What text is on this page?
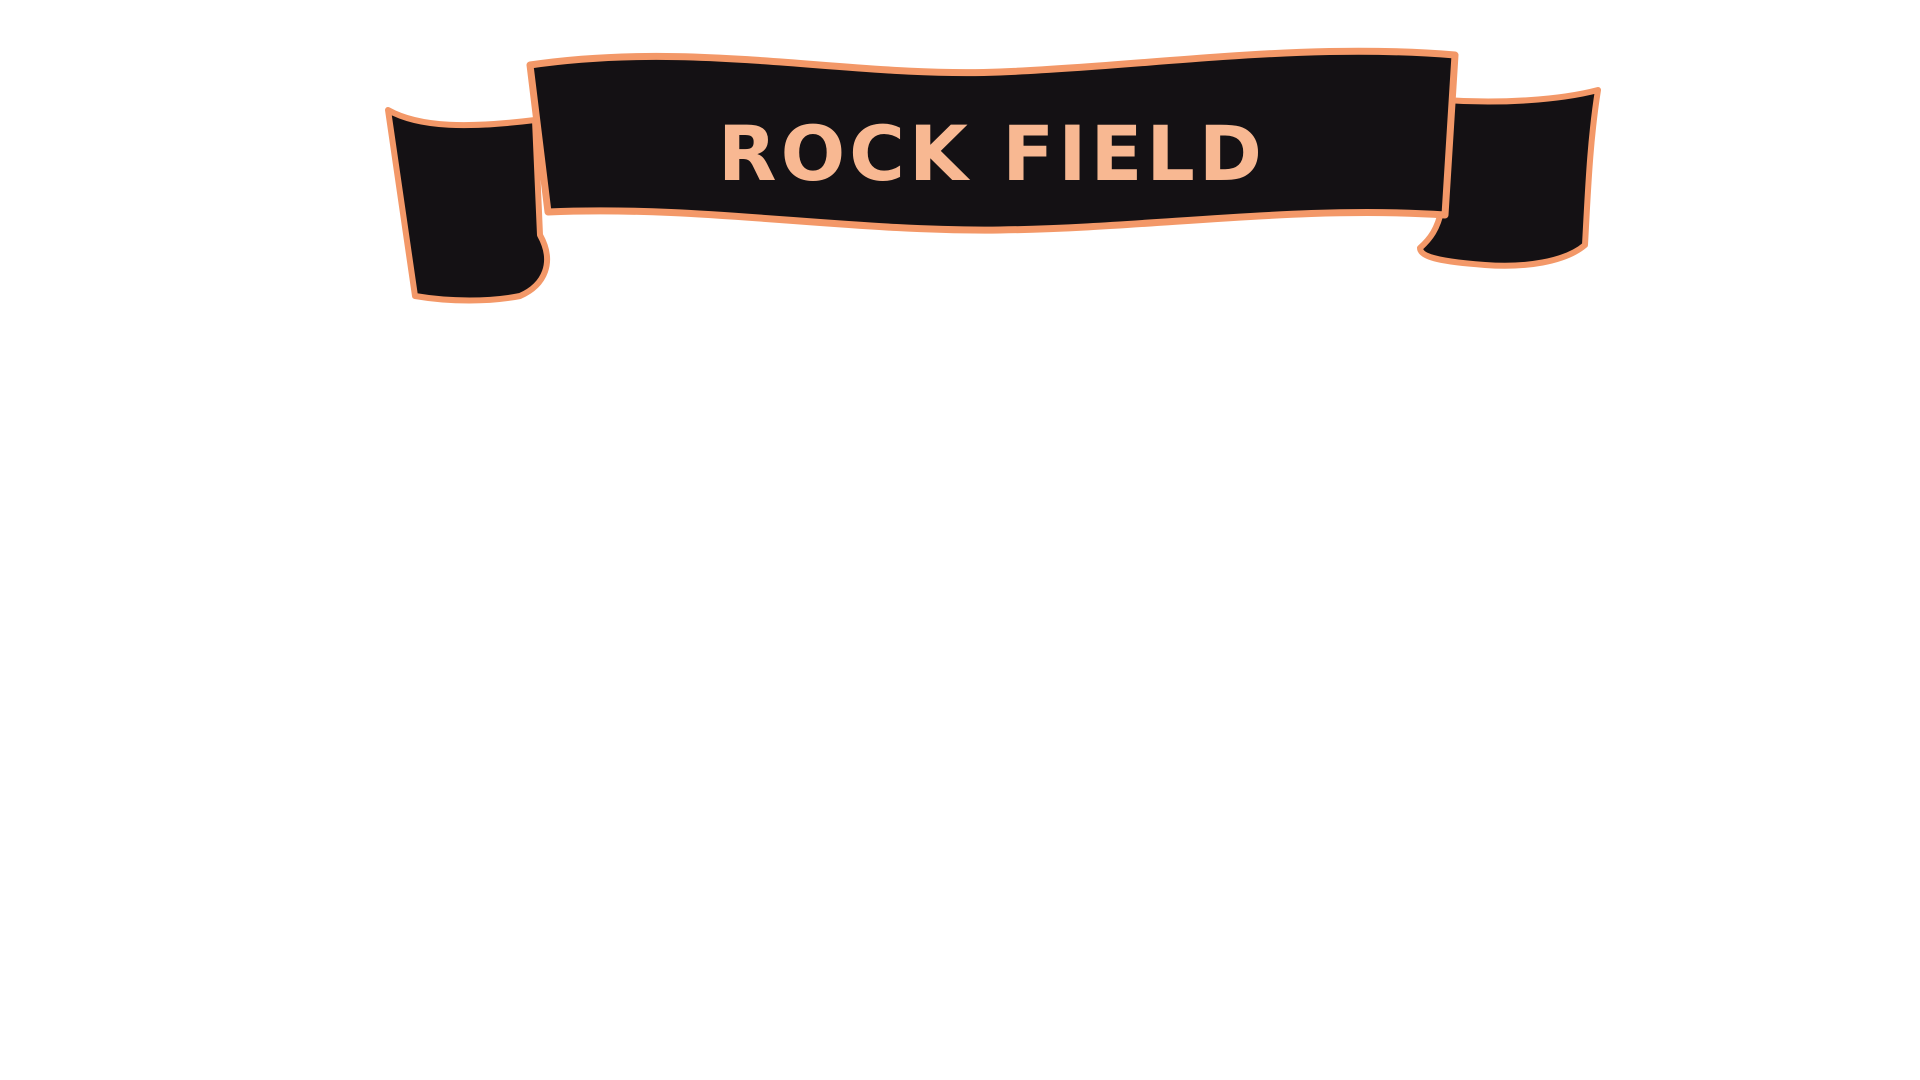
ROCK FIELD
